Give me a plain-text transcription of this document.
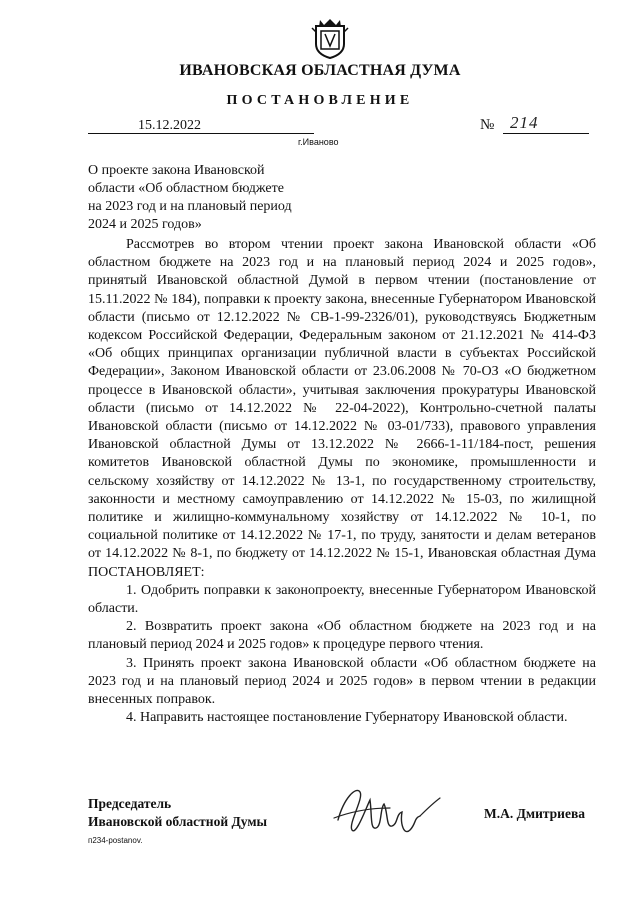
ИВАНОВСКАЯ ОБЛАСТНАЯ ДУМА
ПОСТАНОВЛЕНИЕ
15.12.2022	№ 214
г.Иваново
О проекте закона Ивановской
области «Об областном бюджете
на 2023 год и на плановый период
2024 и 2025 годов»

Рассмотрев во втором чтении проект закона Ивановской области «Об областном бюджете на 2023 год и на плановый период 2024 и 2025 годов», принятый Ивановской областной Думой в первом чтении (постановление от 15.11.2022 № 184), поправки к проекту закона, внесенные Губернатором Ивановской области (письмо от 12.12.2022 № СВ-1-99-2326/01), руководствуясь Бюджетным кодексом Российской Федерации, Федеральным законом от 21.12.2021 № 414-ФЗ «Об общих принципах организации публичной власти в субъектах Российской Федерации», Законом Ивановской области от 23.06.2008 № 70-ОЗ «О бюджетном процессе в Ивановской области», учитывая заключения прокуратуры Ивановской области (письмо от 14.12.2022 № 22-04-2022), Контрольно-счетной палаты Ивановской области (письмо от 14.12.2022 № 03-01/733), правового управления Ивановской областной Думы от 13.12.2022 № 2666-1-11/184-пост, решения комитетов Ивановской областной Думы по экономике, промышленности и сельскому хозяйству от 14.12.2022 № 13-1, по государственному строительству, законности и местному самоуправлению от 14.12.2022 № 15-03, по жилищной политике и жилищно-коммунальному хозяйству от 14.12.2022 № 10-1, по социальной политике от 14.12.2022 № 17-1, по труду, занятости и делам ветеранов от 14.12.2022 № 8-1, по бюджету от 14.12.2022 № 15-1, Ивановская областная Дума ПОСТАНОВЛЯЕТ:

1. Одобрить поправки к законопроекту, внесенные Губернатором Ивановской области.

2. Возвратить проект закона «Об областном бюджете на 2023 год и на плановый период 2024 и 2025 годов» к процедуре первого чтения.

3. Принять проект закона Ивановской области «Об областном бюджете на 2023 год и на плановый период 2024 и 2025 годов» в первом чтении в редакции внесенных поправок.

4. Направить настоящее постановление Губернатору Ивановской области.

Председатель
Ивановской областной Думы
М.А. Дмитриева
п234-postanov.
